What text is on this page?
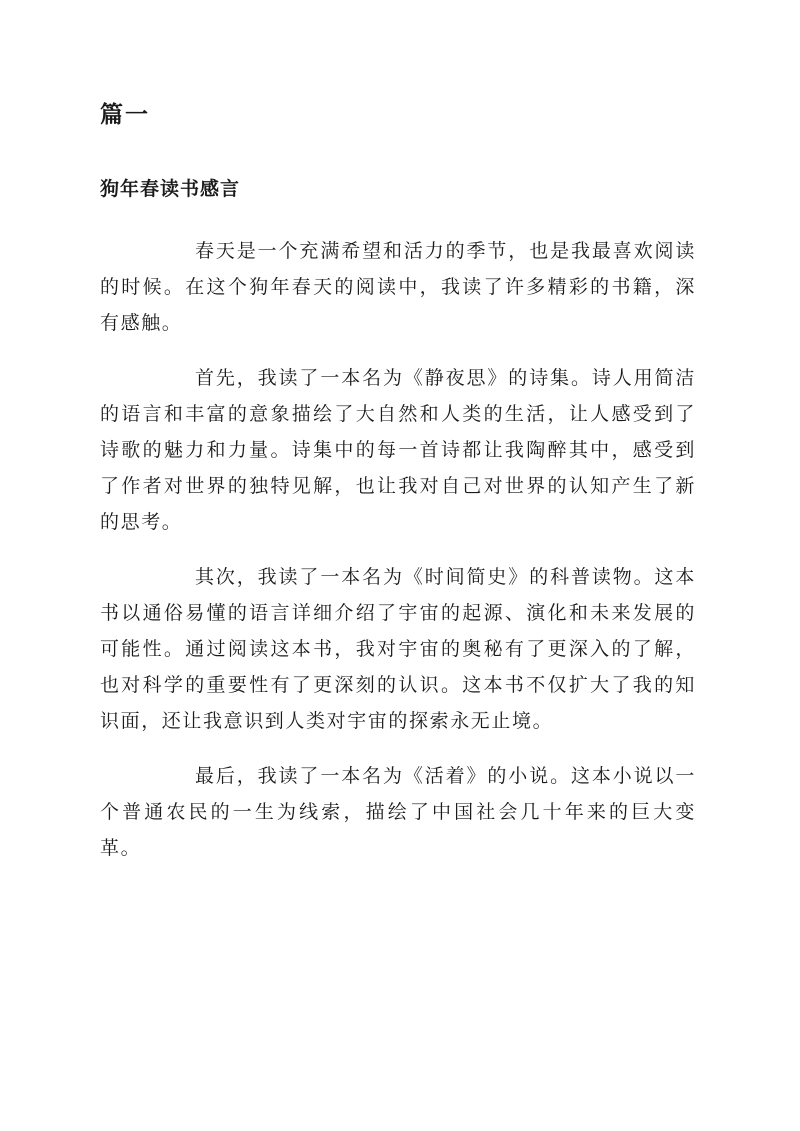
篇一
狗年春读书感言

春天是一个充满希望和活力的季节，也是我最喜欢阅读的时候。在这个狗年春天的阅读中，我读了许多精彩的书籍，深有感触。

首先，我读了一本名为《静夜思》的诗集。诗人用简洁的语言和丰富的意象描绘了大自然和人类的生活，让人感受到了诗歌的魅力和力量。诗集中的每一首诗都让我陶醉其中，感受到了作者对世界的独特见解，也让我对自己对世界的认知产生了新的思考。

其次，我读了一本名为《时间简史》的科普读物。这本书以通俗易懂的语言详细介绍了宇宙的起源、演化和未来发展的可能性。通过阅读这本书，我对宇宙的奥秘有了更深入的了解，也对科学的重要性有了更深刻的认识。这本书不仅扩大了我的知识面，还让我意识到人类对宇宙的探索永无止境。

最后，我读了一本名为《活着》的小说。这本小说以一个普通农民的一生为线索，描绘了中国社会几十年来的巨大变革。
